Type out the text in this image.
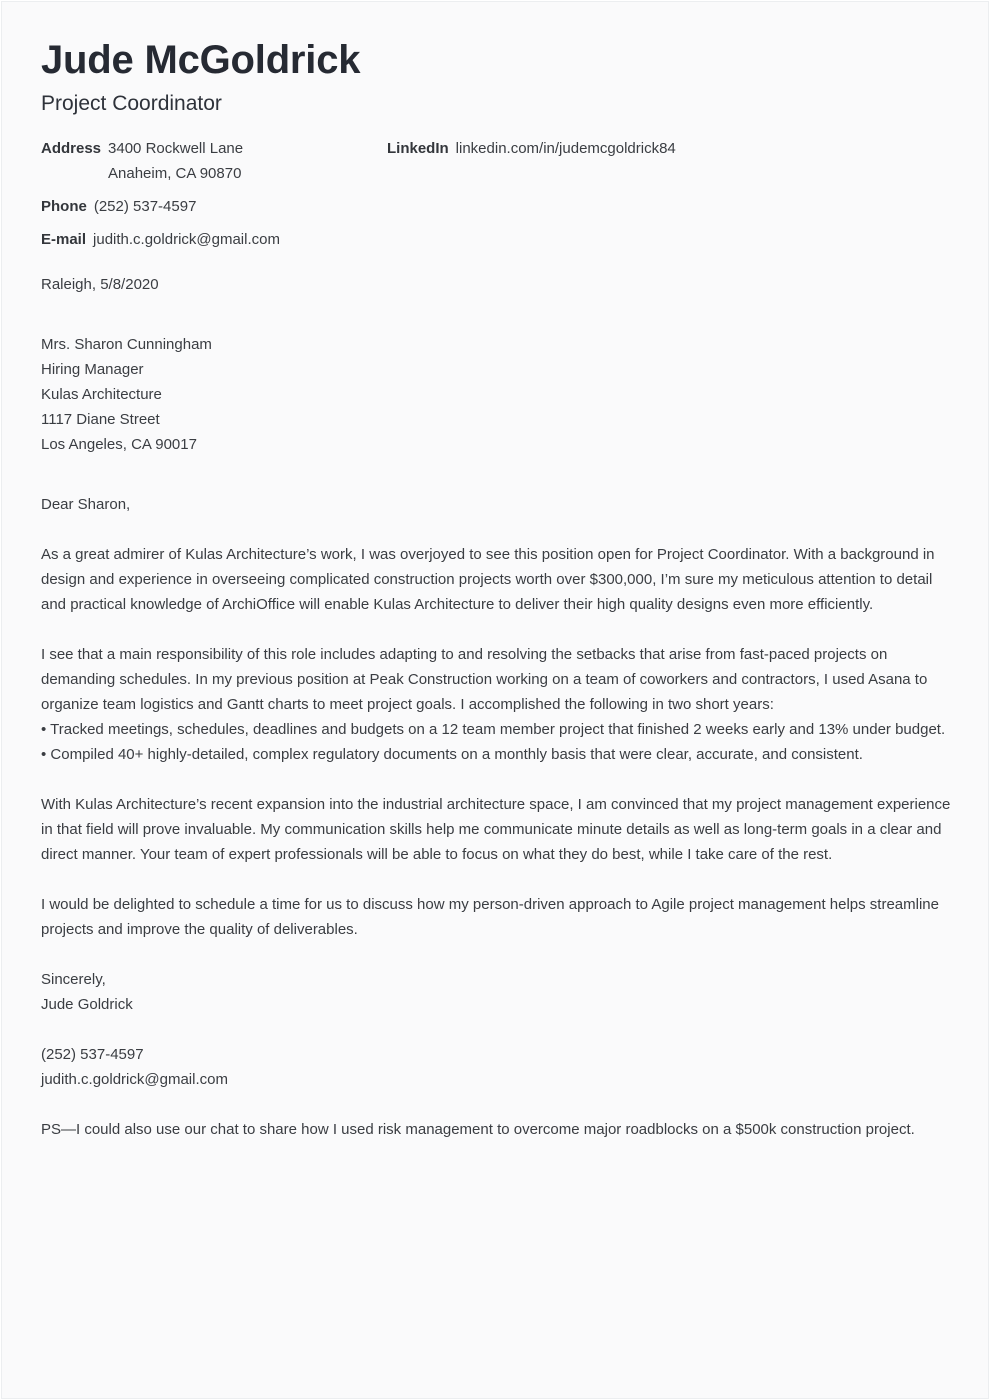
Jude McGoldrick
Project Coordinator
Address 3400 Rockwell Lane
Anaheim, CA 90870
LinkedIn linkedin.com/in/judemcgoldrick84
Phone (252) 537-4597
E-mail judith.c.goldrick@gmail.com

Raleigh, 5/8/2020

Mrs. Sharon Cunningham

Hiring Manager

Kulas Architecture

1117 Diane Street

Los Angeles, CA 90017

Dear Sharon,

As a great admirer of Kulas Architecture’s work, I was overjoyed to see this position open for Project Coordinator. With a background in design and experience in overseeing complicated construction projects worth over $300,000, I’m sure my meticulous attention to detail and practical knowledge of ArchiOffice will enable Kulas Architecture to deliver their high quality designs even more efficiently.

I see that a main responsibility of this role includes adapting to and resolving the setbacks that arise from fast-paced projects on demanding schedules. In my previous position at Peak Construction working on a team of coworkers and contractors, I used Asana to organize team logistics and Gantt charts to meet project goals. I accomplished the following in two short years:

• Tracked meetings, schedules, deadlines and budgets on a 12 team member project that finished 2 weeks early and 13% under budget.

• Compiled 40+ highly-detailed, complex regulatory documents on a monthly basis that were clear, accurate, and consistent.

With Kulas Architecture’s recent expansion into the industrial architecture space, I am convinced that my project management experience in that field will prove invaluable. My communication skills help me communicate minute details as well as long-term goals in a clear and direct manner. Your team of expert professionals will be able to focus on what they do best, while I take care of the rest.

I would be delighted to schedule a time for us to discuss how my person-driven approach to Agile project management helps streamline projects and improve the quality of deliverables.

Sincerely,

Jude Goldrick

(252) 537-4597

judith.c.goldrick@gmail.com

PS—I could also use our chat to share how I used risk management to overcome major roadblocks on a $500k construction project.
